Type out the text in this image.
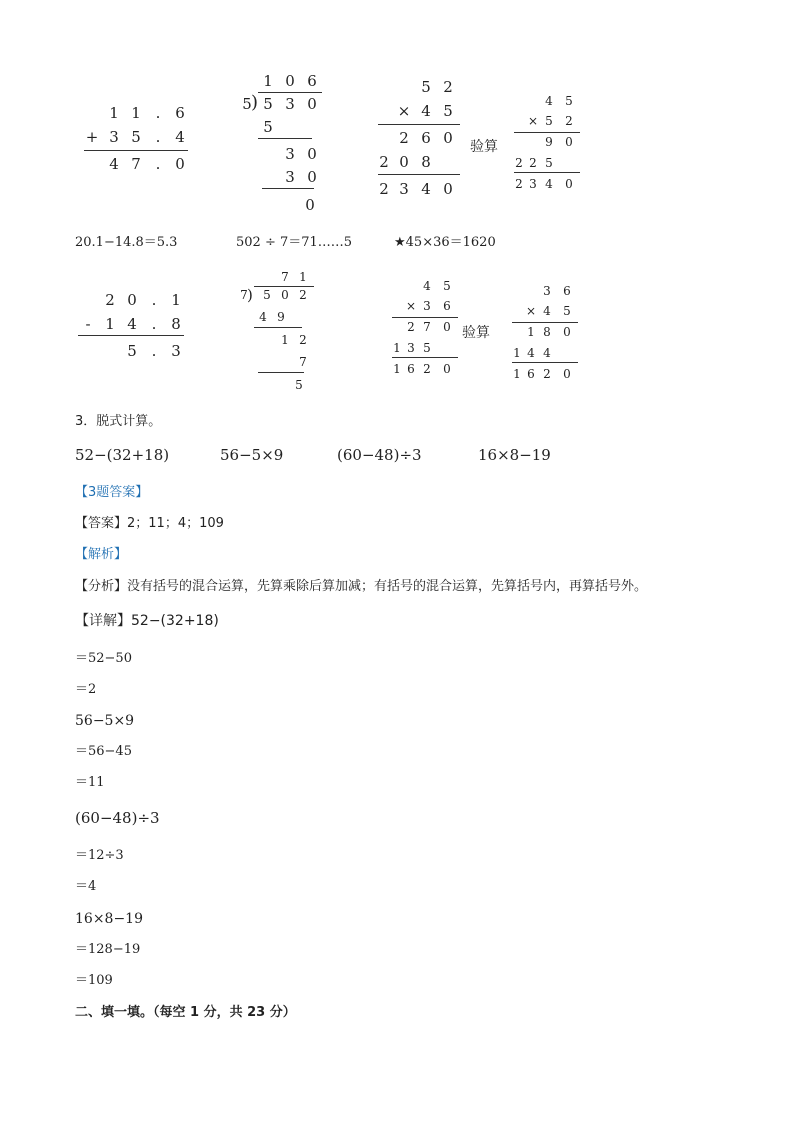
1 1 . 6
+ 3 5 . 4
4 7 . 0
1 0 6
5 ) 5 3 0
5
3 0
3 0
0
5 2
× 4 5
2 6 0
2 0 8
2 3 4 0
验算
4	5
× 5	2
9	0
2 2 5
2 3 4	0
20.1−14.8＝5.3	502 ÷ 7＝71……5	★45×36＝1620
2 0 . 1
- 1 4 . 8
5 . 3
7 1
7 ) 5 0 2
4 9
1 2
7
5
4	5
× 3	6
2 7	0
1 3 5
1 6 2	0
验算
3	6
× 4	5
1 8	0
1 4 4
1 6 2	0
3．脱式计算。
52−(32+18)	56−5×9	(60−48)÷3	16×8−19
【3题答案】
【答案】2；11；4；109
【解析】
【分析】没有括号的混合运算，先算乘除后算加减；有括号的混合运算，先算括号内，再算括号外。
【详解】52−(32+18)
＝52−50
＝2
56−5×9
＝56−45
＝11
(60−48)÷3
＝12÷3
＝4
16×8−19
＝128−19
＝109
二、填一填。（每空 1 分，共 23 分）
